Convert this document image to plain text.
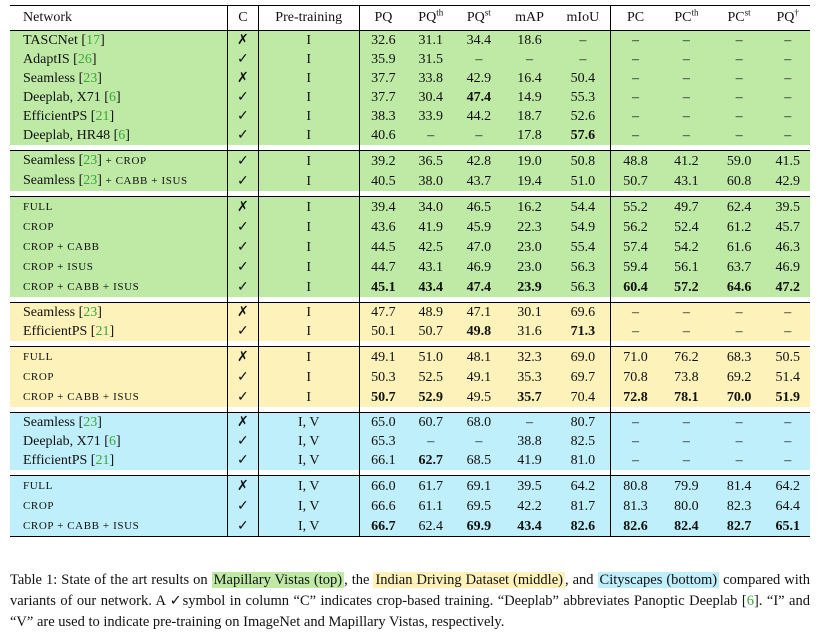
Network	C	Pre-training	PQ	$PQ^{th}$	$PQ^{st}$	mAP	mIoU	PC	$PC^{th}$	$PC^{st}$	PQ†
TASCNet [17]	✗	I	32.6	31.1	34.4	18.6	–	–	–	–	–
AdaptIS [26]	✓	I	35.9	31.5	–	–	–	–	–	–	–
Seamless [23]	✗	I	37.7	33.8	42.9	16.4	50.4	–	–	–	–
Deeplab, X71 [6]	✓	I	37.7	30.4	47.4	14.9	55.3	–	–	–	–
EfficientPS [21]	✓	I	38.3	33.9	44.2	18.7	52.6	–	–	–	–
Deeplab, HR48 [6]	✓	I	40.6	–	–	17.8	57.6	–	–	–	–

Seamless [23] + CROP	✓	I	39.2	36.5	42.8	19.0	50.8	48.8	41.2	59.0	41.5
Seamless [23] + CABB + ISUS	✓	I	40.5	38.0	43.7	19.4	51.0	50.7	43.1	60.8	42.9

FULL	✗	I	39.4	34.0	46.5	16.2	54.4	55.2	49.7	62.4	39.5
CROP	✓	I	43.6	41.9	45.9	22.3	54.9	56.2	52.4	61.2	45.7
CROP + CABB	✓	I	44.5	42.5	47.0	23.0	55.4	57.4	54.2	61.6	46.3
CROP + ISUS	✓	I	44.7	43.1	46.9	23.0	56.3	59.4	56.1	63.7	46.9
CROP + CABB + ISUS	✓	I	45.1	43.4	47.4	23.9	56.3	60.4	57.2	64.6	47.2

Seamless [23]	✗	I	47.7	48.9	47.1	30.1	69.6	–	–	–	–
EfficientPS [21]	✓	I	50.1	50.7	49.8	31.6	71.3	–	–	–	–

FULL	✗	I	49.1	51.0	48.1	32.3	69.0	71.0	76.2	68.3	50.5
CROP	✓	I	50.3	52.5	49.1	35.3	69.7	70.8	73.8	69.2	51.4
CROP + CABB + ISUS	✓	I	50.7	52.9	49.5	35.7	70.4	72.8	78.1	70.0	51.9

Seamless [23]	✗	I, V	65.0	60.7	68.0	–	80.7	–	–	–	–
Deeplab, X71 [6]	✓	I, V	65.3	–	–	38.8	82.5	–	–	–	–
EfficientPS [21]	✓	I, V	66.1	62.7	68.5	41.9	81.0	–	–	–	–

FULL	✗	I, V	66.0	61.7	69.1	39.5	64.2	80.8	79.9	81.4	64.2
CROP	✓	I, V	66.6	61.1	69.5	42.2	81.7	81.3	80.0	82.3	64.4
CROP + CABB + ISUS	✓	I, V	66.7	62.4	69.9	43.4	82.6	82.6	82.4	82.7	65.1
Table 1: State of the art results on Mapillary Vistas (top) , the Indian Driving Dataset (middle) , and Cityscapes (bottom) compared with variants of our network. A ✓symbol in column “C” indicates crop-based training. “Deeplab” abbreviates Panoptic Deeplab [6]. “I” and “V” are used to indicate pre-training on ImageNet and Mapillary Vistas, respectively.
